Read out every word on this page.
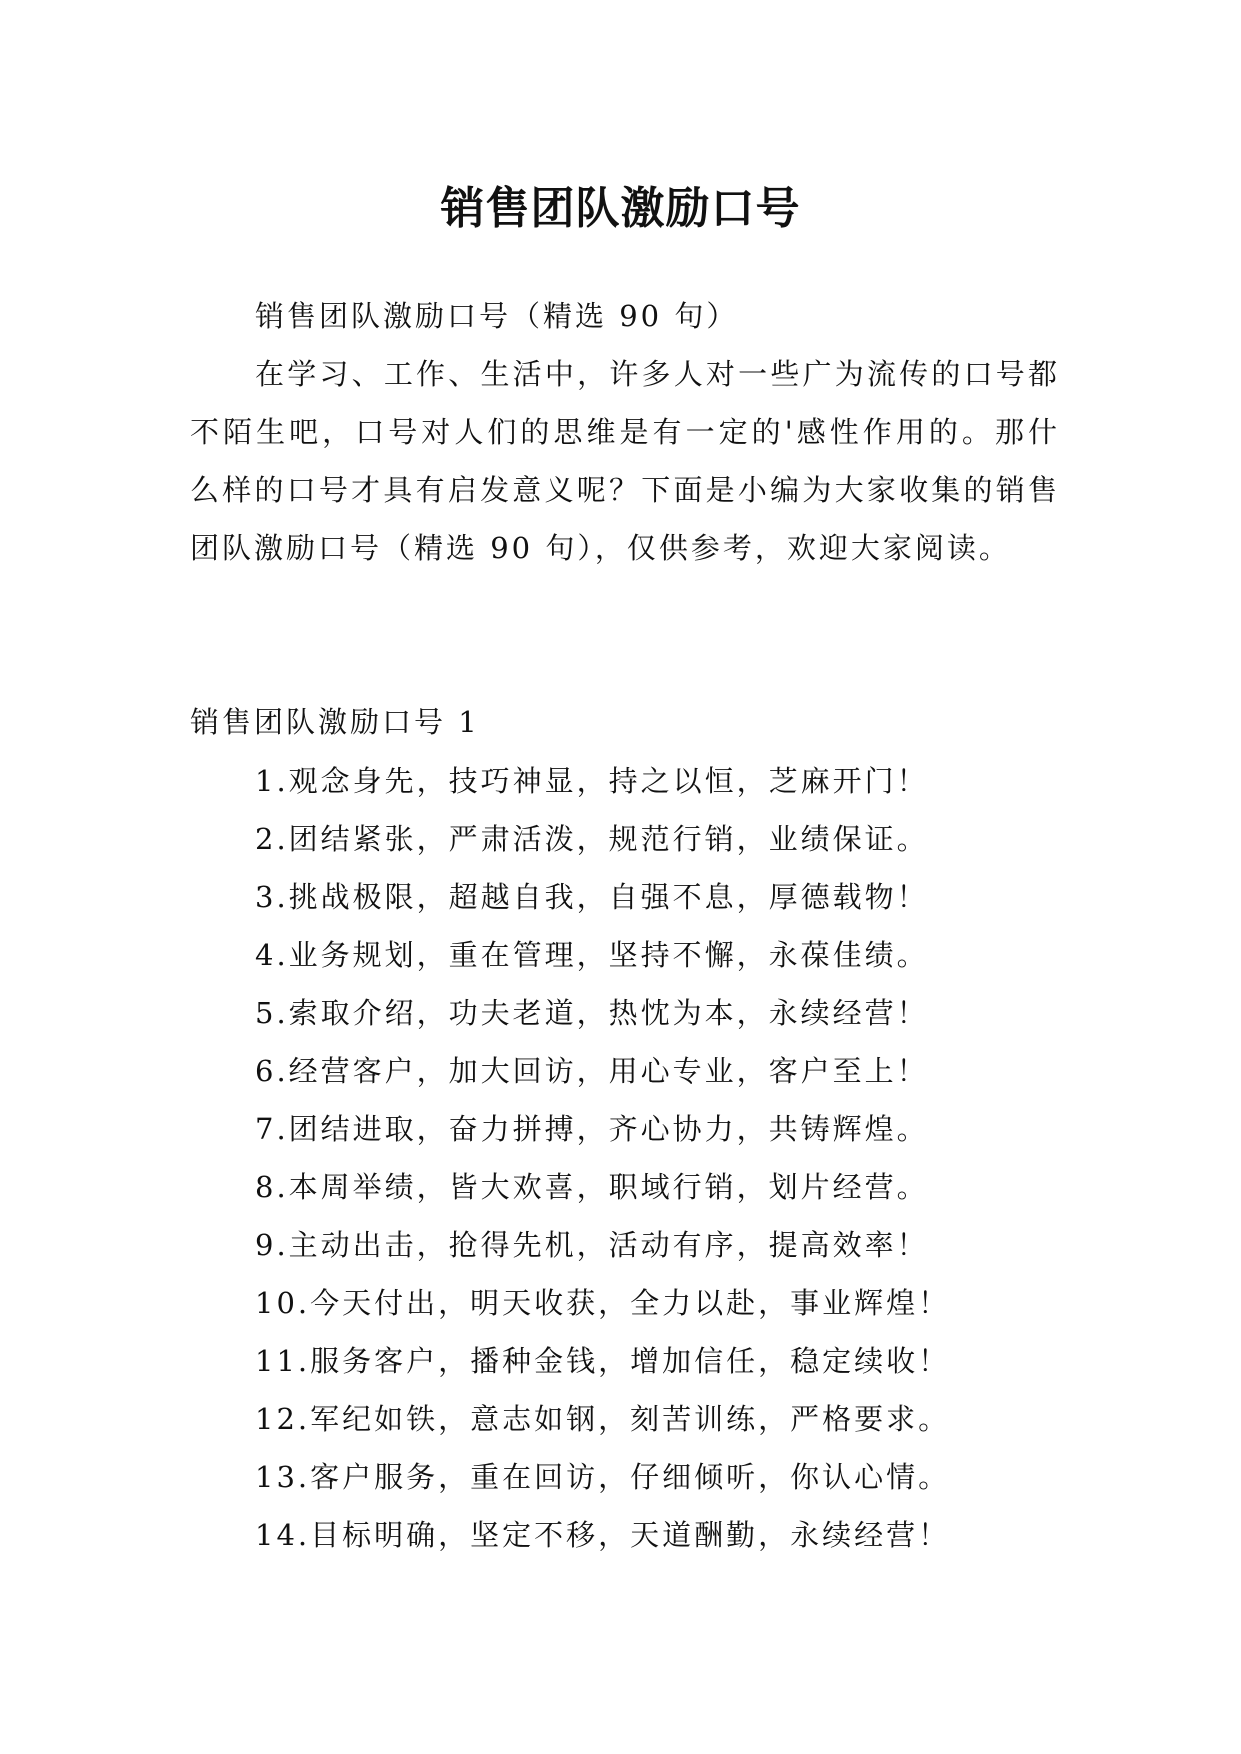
销售团队激励口号

销售团队激励口号（精选 90 句）

在学习、工作、生活中，许多人对一些广为流传的口号都不陌生吧，口号对人们的思维是有一定的'感性作用的。那什么样的口号才具有启发意义呢？下面是小编为大家收集的销售团队激励口号（精选 90 句），仅供参考，欢迎大家阅读。

销售团队激励口号 1

1.观念身先，技巧神显，持之以恒，芝麻开门！
2.团结紧张，严肃活泼，规范行销，业绩保证。
3.挑战极限，超越自我，自强不息，厚德载物！
4.业务规划，重在管理，坚持不懈，永葆佳绩。
5.索取介绍，功夫老道，热忱为本，永续经营！
6.经营客户，加大回访，用心专业，客户至上！
7.团结进取，奋力拼搏，齐心协力，共铸辉煌。
8.本周举绩，皆大欢喜，职域行销，划片经营。
9.主动出击，抢得先机，活动有序，提高效率！
10.今天付出，明天收获，全力以赴，事业辉煌！
11.服务客户，播种金钱，增加信任，稳定续收！
12.军纪如铁，意志如钢，刻苦训练，严格要求。
13.客户服务，重在回访，仔细倾听，你认心情。
14.目标明确，坚定不移，天道酬勤，永续经营！
